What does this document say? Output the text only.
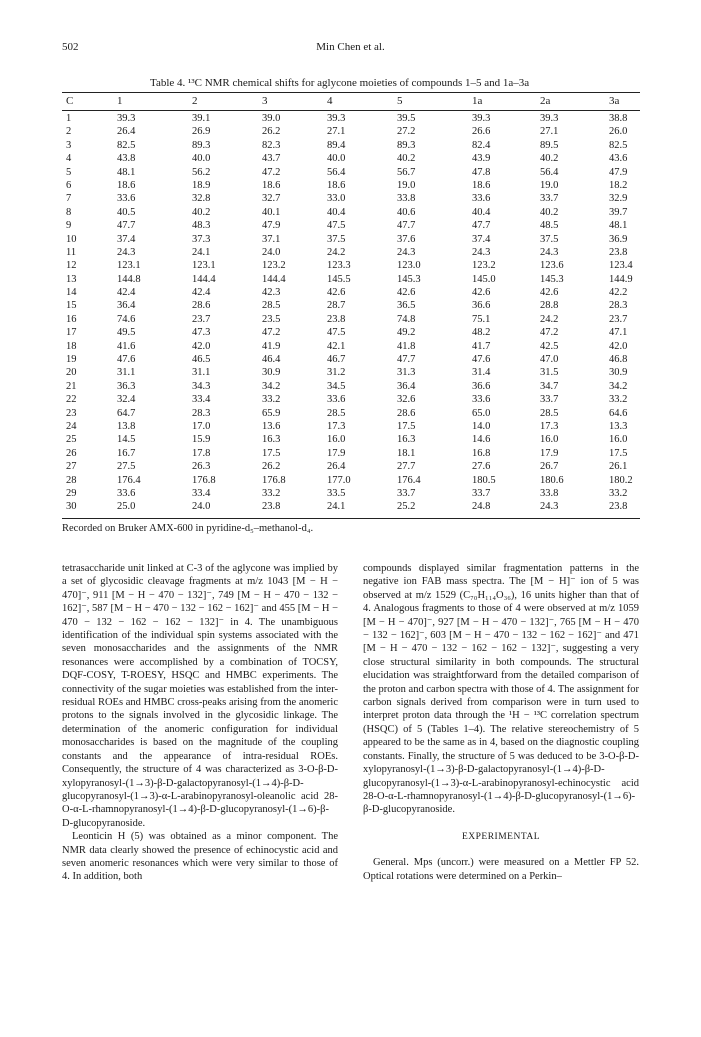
502	Min Chen et al.
Table 4. ¹³C NMR chemical shifts for aglycone moieties of compounds 1–5 and 1a–3a
C	1	2	3	4	5	1a	2a	3a
1	39.3	39.1	39.0	39.3	39.5	39.3	39.3	38.8
2	26.4	26.9	26.2	27.1	27.2	26.6	27.1	26.0
3	82.5	89.3	82.3	89.4	89.3	82.4	89.5	82.5
4	43.8	40.0	43.7	40.0	40.2	43.9	40.2	43.6
5	48.1	56.2	47.2	56.4	56.7	47.8	56.4	47.9
6	18.6	18.9	18.6	18.6	19.0	18.6	19.0	18.2
7	33.6	32.8	32.7	33.0	33.8	33.6	33.7	32.9
8	40.5	40.2	40.1	40.4	40.6	40.4	40.2	39.7
9	47.7	48.3	47.9	47.5	47.7	47.7	48.5	48.1
10	37.4	37.3	37.1	37.5	37.6	37.4	37.5	36.9
11	24.3	24.1	24.0	24.2	24.3	24.3	24.3	23.8
12	123.1	123.1	123.2	123.3	123.0	123.2	123.6	123.4
13	144.8	144.4	144.4	145.5	145.3	145.0	145.3	144.9
14	42.4	42.4	42.3	42.6	42.6	42.6	42.6	42.2
15	36.4	28.6	28.5	28.7	36.5	36.6	28.8	28.3
16	74.6	23.7	23.5	23.8	74.8	75.1	24.2	23.7
17	49.5	47.3	47.2	47.5	49.2	48.2	47.2	47.1
18	41.6	42.0	41.9	42.1	41.8	41.7	42.5	42.0
19	47.6	46.5	46.4	46.7	47.7	47.6	47.0	46.8
20	31.1	31.1	30.9	31.2	31.3	31.4	31.5	30.9
21	36.3	34.3	34.2	34.5	36.4	36.6	34.7	34.2
22	32.4	33.4	33.2	33.6	32.6	33.6	33.7	33.2
23	64.7	28.3	65.9	28.5	28.6	65.0	28.5	64.6
24	13.8	17.0	13.6	17.3	17.5	14.0	17.3	13.3
25	14.5	15.9	16.3	16.0	16.3	14.6	16.0	16.0
26	16.7	17.8	17.5	17.9	18.1	16.8	17.9	17.5
27	27.5	26.3	26.2	26.4	27.7	27.6	26.7	26.1
28	176.4	176.8	176.8	177.0	176.4	180.5	180.6	180.2
29	33.6	33.4	33.2	33.5	33.7	33.7	33.8	33.2
30	25.0	24.0	23.8	24.1	25.2	24.8	24.3	23.8
Recorded on Bruker AMX-600 in pyridine-d₅–methanol-d₄.

tetrasaccharide unit linked at C-3 of the aglycone was implied by a set of glycosidic cleavage fragments at m/z 1043 [M − H − 470]⁻, 911 [M − H − 470 − 132]⁻, 749 [M − H − 470 − 132 − 162]⁻, 587 [M − H − 470 − 132 − 162 − 162]⁻ and 455 [M − H − 470 − 132 − 162 − 162 − 132]⁻ in 4. The unambiguous identification of the individual spin systems associated with the seven monosaccharides and the assignments of the NMR resonances were accomplished by a combination of TOCSY, DQF-COSY, T-ROESY, HSQC and HMBC experiments. The connectivity of the sugar moieties was established from the inter-residual ROEs and HMBC cross-peaks arising from the anomeric protons to the signals involved in the glycosidic linkage. The determination of the anomeric configuration for individual monosaccharides is based on the magnitude of the coupling constants and the appearance of intra-residual ROEs. Consequently, the structure of 4 was characterized as 3-O-β-D-xylopyranosyl-(1→3)-β-D-galactopyranosyl-(1→4)-β-D-glucopyranosyl-(1→3)-α-L-arabinopyranosyl-oleanolic acid 28-O-α-L-rhamnopyranosyl-(1→4)-β-D-glucopyranosyl-(1→6)-β-D-glucopyranoside.

Leonticin H (5) was obtained as a minor component. The NMR data clearly showed the presence of echinocystic acid and seven anomeric resonances which were very similar to those of 4. In addition, both

compounds displayed similar fragmentation patterns in the negative ion FAB mass spectra. The [M − H]⁻ ion of 5 was observed at m/z 1529 (C₇₀H₁₁₄O₃₆), 16 units higher than that of 4. Analogous fragments to those of 4 were observed at m/z 1059 [M − H − 470]⁻, 927 [M − H − 470 − 132]⁻, 765 [M − H − 470 − 132 − 162]⁻, 603 [M − H − 470 − 132 − 162 − 162]⁻ and 471 [M − H − 470 − 132 − 162 − 162 − 132]⁻, suggesting a very close structural similarity in both compounds. The structural elucidation was straightforward from the detailed comparison of the proton and carbon spectra with those of 4. The assignment for carbon signals derived from comparison were in turn used to interpret proton data through the ¹H − ¹³C correlation spectrum (HSQC) of 5 (Tables 1–4). The relative stereochemistry of 5 appeared to be the same as in 4, based on the diagnostic coupling constants. Finally, the structure of 5 was deduced to be 3-O-β-D-xylopyranosyl-(1→3)-β-D-galactopyranosyl-(1→4)-β-D-glucopyranosyl-(1→3)-α-L-arabinopyranosyl-echinocystic acid 28-O-α-L-rhamnopyranosyl-(1→4)-β-D-glucopyranosyl-(1→6)-β-D-glucopyranoside.

EXPERIMENTAL

General. Mps (uncorr.) were measured on a Mettler FP 52. Optical rotations were determined on a Perkin–
